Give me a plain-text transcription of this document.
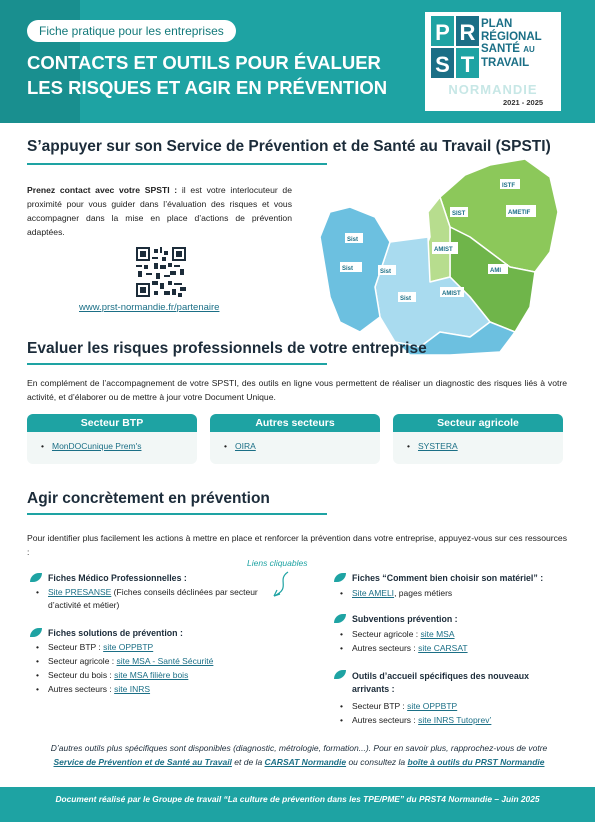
Fiche pratique pour les entreprises
CONTACTS ET OUTILS POUR ÉVALUER
LES RISQUES ET AGIR EN PRÉVENTION
P R
S T
PLAN
RÉGIONAL
SANTÉ AU
TRAVAIL
NORMANDIE
2021 - 2025
S’appuyer sur son Service de Prévention et de Santé au Travail (SPSTI)
Prenez contact avec votre SPSTI : il est votre interlocuteur de proximité pour vous guider dans l’évaluation des risques et vous accompagner dans la mise en place d’actions de prévention adaptées.
www.prst-normandie.fr/partenaire
ISTF
Sist
AMETIF
SIST
Sist
AMIST
Sist
AMI
Sist
AMIST
Evaluer les risques professionnels de votre entreprise
En complément de l’accompagnement de votre SPSTI, des outils en ligne vous permettent de réaliser un diagnostic des risques liés à votre activité, et d’élaborer ou de mettre à jour votre Document Unique.
Secteur BTP
• MonDOCunique Prem's
Autres secteurs
• OIRA
Secteur agricole
• SYSTERA
Agir concrètement en prévention
Pour identifier plus facilement les actions à mettre en place et renforcer la prévention dans votre entreprise, appuyez-vous sur ces ressources :
Liens cliquables
Fiches Médico Professionnelles :
• Site PRESANSE (Fiches conseils déclinées par secteur d’activité et métier)
Fiches solutions de prévention :
• Secteur BTP : site OPPBTP
• Secteur agricole : site MSA - Santé Sécurité
• Secteur du bois : site MSA filière bois
• Autres secteurs : site INRS
Fiches “Comment bien choisir son matériel” :
• Site AMELI, pages métiers
Subventions prévention :
• Secteur agricole : site MSA
• Autres secteurs : site CARSAT
Outils d’accueil spécifiques des nouveaux
arrivants :
• Secteur BTP : site OPPBTP
• Autres secteurs : site INRS Tutoprev’
D’autres outils plus spécifiques sont disponibles (diagnostic, métrologie, formation...). Pour en savoir plus, rapprochez-vous de votre
Service de Prévention et de Santé au Travail et de la CARSAT Normandie ou consultez la boîte à outils du PRST Normandie
Document réalisé par le Groupe de travail “La culture de prévention dans les TPE/PME” du PRST4 Normandie – Juin 2025
